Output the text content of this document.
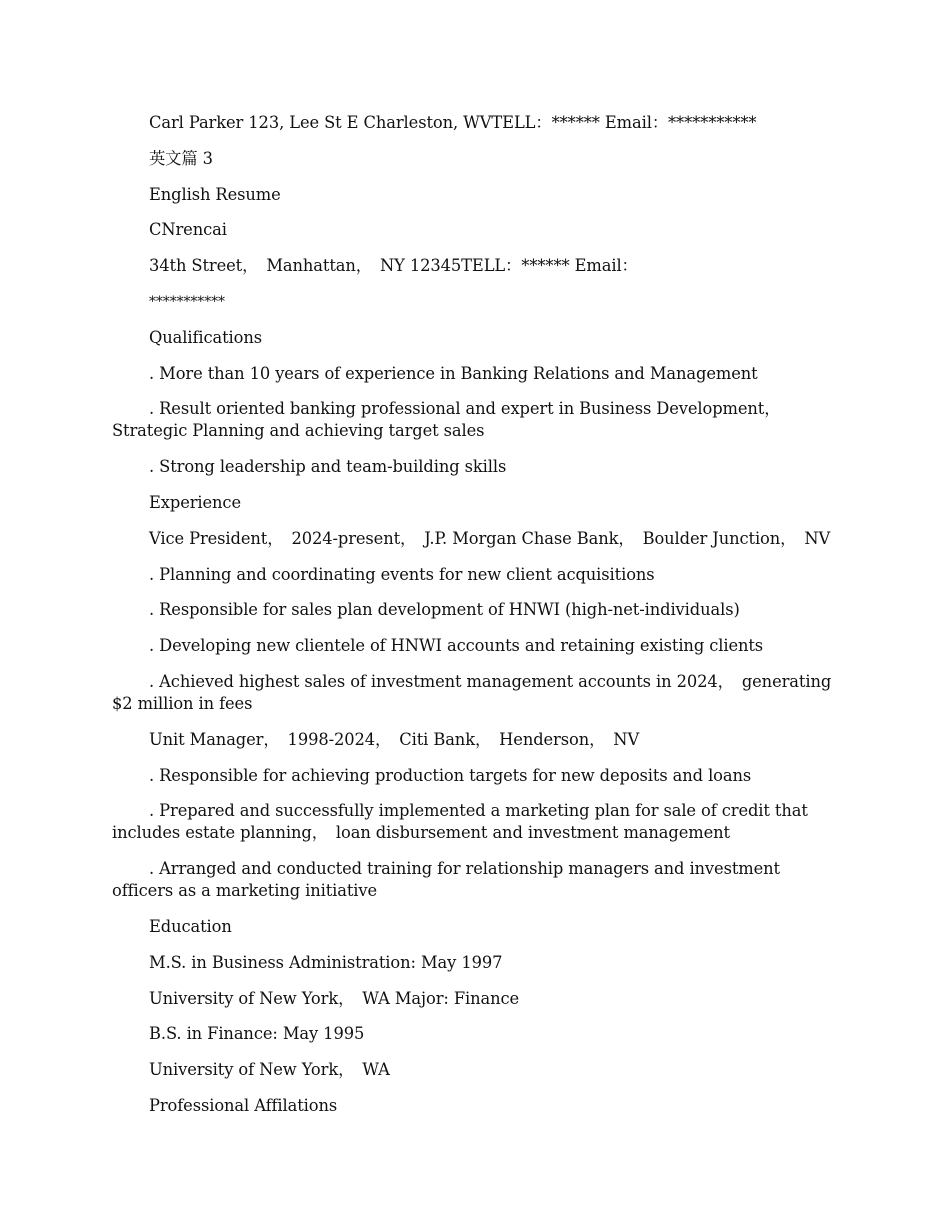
Carl Parker 123, Lee St E Charleston, WVTELL：****** Email：***********

英文篇 3

English Resume

CNrencai

34th Street，　Manhattan，　NY 12345TELL：****** Email：

***********

Qualifications

. More than 10 years of experience in Banking Relations and Management

. Result oriented banking professional and expert in Business Development，　Strategic Planning and achieving target sales

. Strong leadership and team-building skills

Experience

Vice President，　2024-present，　J.P. Morgan Chase Bank，　Boulder Junction，　NV

. Planning and coordinating events for new client acquisitions

. Responsible for sales plan development of HNWI (high-net-individuals)

. Developing new clientele of HNWI accounts and retaining existing clients

. Achieved highest sales of investment management accounts in 2024，　generating $2 million in fees

Unit Manager，　1998-2024，　Citi Bank，　Henderson，　NV

. Responsible for achieving production targets for new deposits and loans

. Prepared and successfully implemented a marketing plan for sale of credit that includes estate planning，　loan disbursement and investment management

. Arranged and conducted training for relationship managers and investment officers as a marketing initiative

Education

M.S. in Business Administration: May 1997

University of New York，　WA Major: Finance

B.S. in Finance: May 1995

University of New York，　WA

Professional Affilations
